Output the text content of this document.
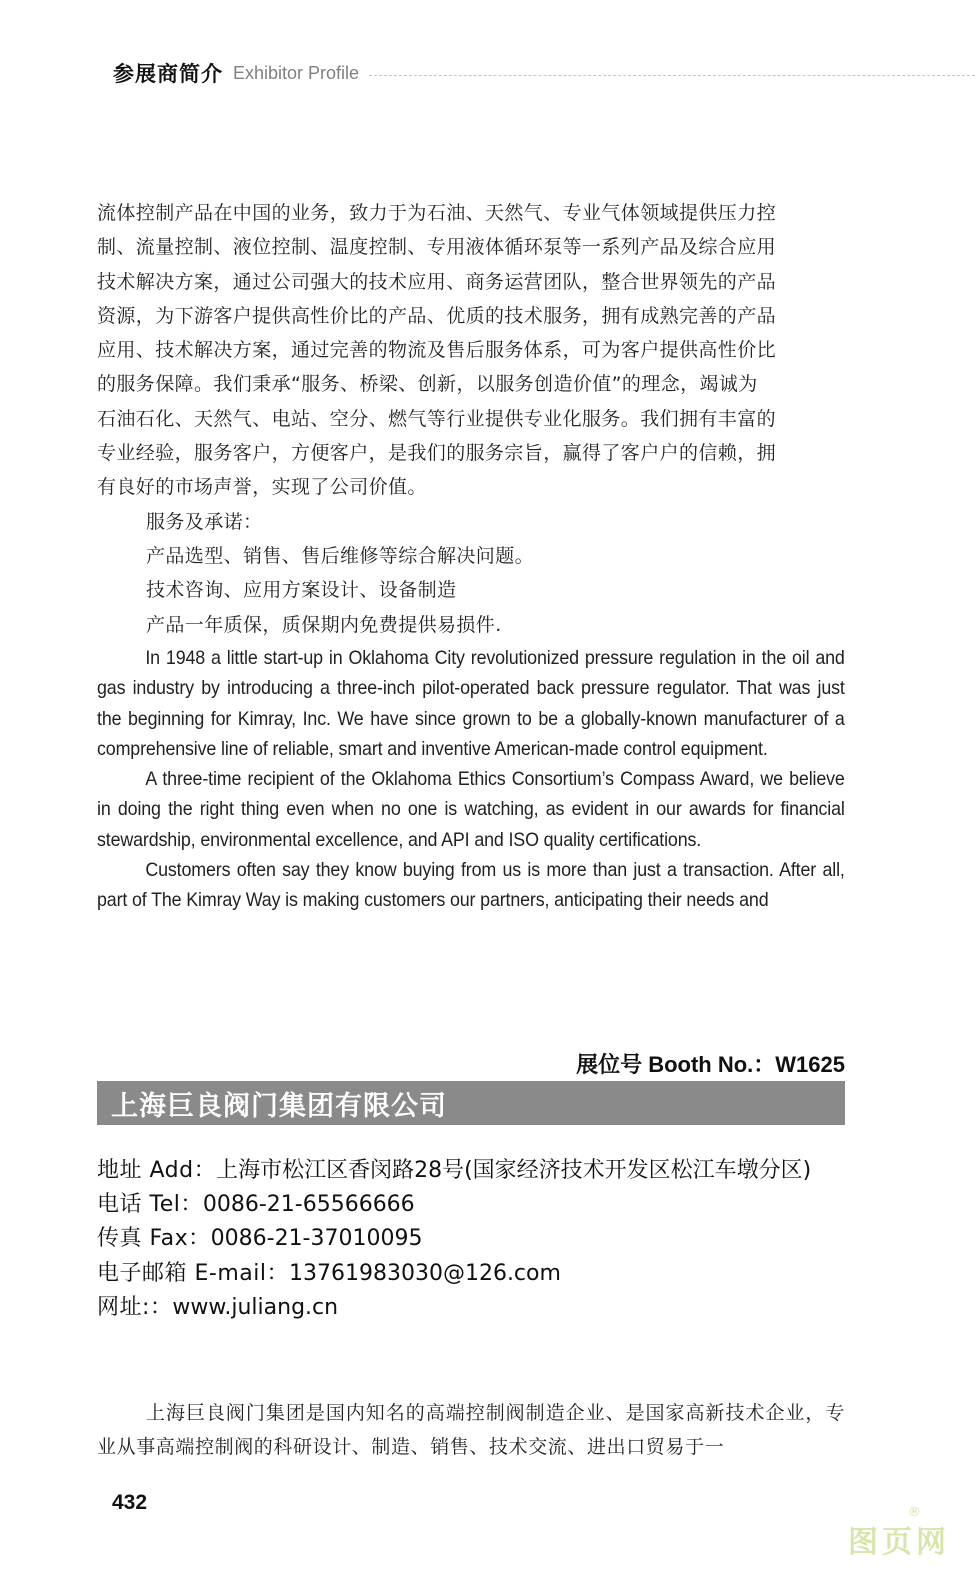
参展商简介 Exhibitor Profile

流体控制产品在中国的业务，致力于为石油、天然气、专业气体领域提供压力控

制、流量控制、液位控制、温度控制、专用液体循环泵等一系列产品及综合应用

技术解决方案，通过公司强大的技术应用、商务运营团队，整合世界领先的产品

资源，为下游客户提供高性价比的产品、优质的技术服务，拥有成熟完善的产品

应用、技术解决方案，通过完善的物流及售后服务体系，可为客户提供高性价比

的服务保障。我们秉承“服务、桥梁、创新，以服务创造价值”的理念，竭诚为

石油石化、天然气、电站、空分、燃气等行业提供专业化服务。我们拥有丰富的

专业经验，服务客户，方便客户，是我们的服务宗旨，赢得了客户户的信赖，拥

有良好的市场声誉，实现了公司价值。

服务及承诺：

产品选型、销售、售后维修等综合解决问题。

技术咨询、应用方案设计、设备制造

产品一年质保，质保期内免费提供易损件.

In 1948 a little start-up in Oklahoma City revolutionized pressure regulation in the oil and gas industry by introducing a three-inch pilot-operated back pressure regulator. That was just the beginning for Kimray, Inc. We have since grown to be a globally-known manufacturer of a comprehensive line of reliable, smart and inventive American-made control equipment.

A three-time recipient of the Oklahoma Ethics Consortium’s Compass Award, we believe in doing the right thing even when no one is watching, as evident in our awards for financial stewardship, environmental excellence, and API and ISO quality certifications.

Customers often say they know buying from us is more than just a transaction. After all, part of The Kimray Way is making customers our partners, anticipating their needs and

展位号 Booth No.：W1625
上海巨良阀门集团有限公司
地址 Add：上海市松江区香闵路28号(国家经济技术开发区松江车墩分区)
电话 Tel：0086-21-65566666
传真 Fax：0086-21-37010095
电子邮箱 E-mail：13761983030@126.com
网址:：www.juliang.cn

上海巨良阀门集团是国内知名的高端控制阀制造企业、是国家高新技术企业，专业从事高端控制阀的科研设计、制造、销售、技术交流、进出口贸易于一

432
图页网
®
